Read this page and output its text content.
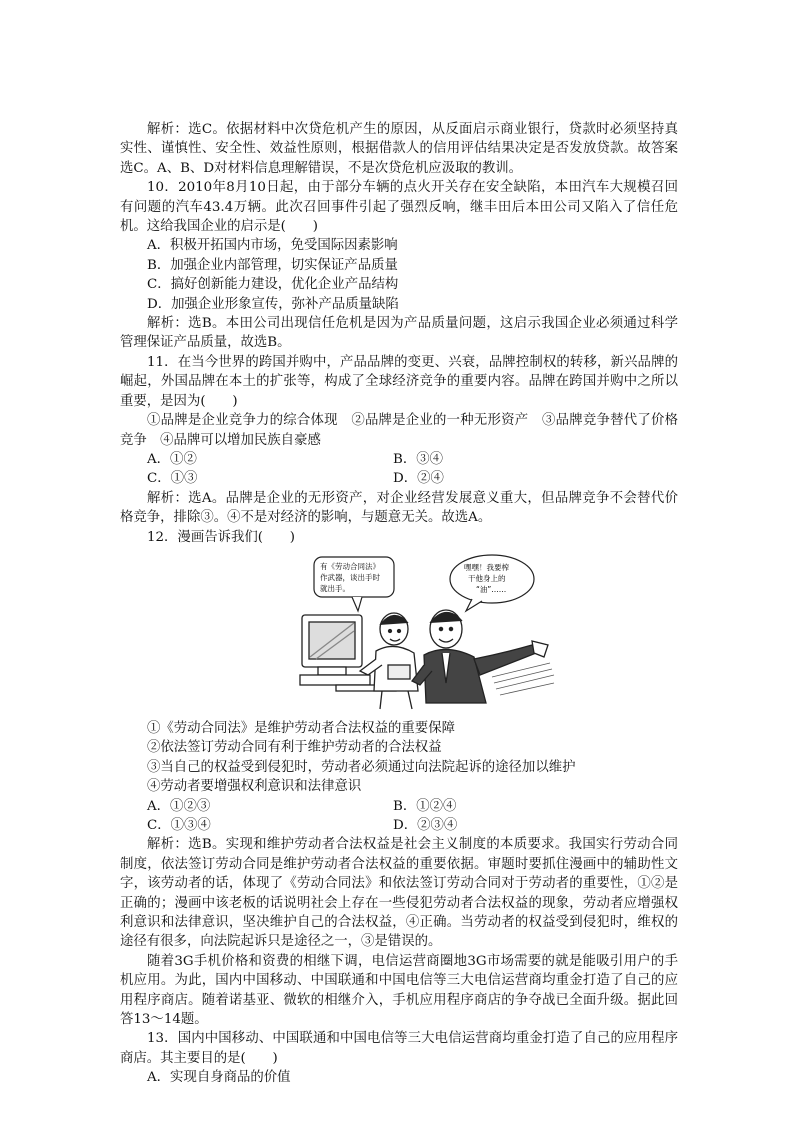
解析：选C。依据材料中次贷危机产生的原因，从反面启示商业银行，贷款时必须坚持真实性、谨慎性、安全性、效益性原则，根据借款人的信用评估结果决定是否发放贷款。故答案选C。A、B、D对材料信息理解错误，不是次贷危机应汲取的教训。

10．2010年8月10日起，由于部分车辆的点火开关存在安全缺陷，本田汽车大规模召回有问题的汽车43.4万辆。此次召回事件引起了强烈反响，继丰田后本田公司又陷入了信任危机。这给我国企业的启示是(　　)

A．积极开拓国内市场，免受国际因素影响

B．加强企业内部管理，切实保证产品质量

C．搞好创新能力建设，优化企业产品结构

D．加强企业形象宣传，弥补产品质量缺陷

解析：选B。本田公司出现信任危机是因为产品质量问题，这启示我国企业必须通过科学管理保证产品质量，故选B。

11．在当今世界的跨国并购中，产品品牌的变更、兴衰，品牌控制权的转移，新兴品牌的崛起，外国品牌在本土的扩张等，构成了全球经济竞争的重要内容。品牌在跨国并购中之所以重要，是因为(　　)

①品牌是企业竞争力的综合体现　②品牌是企业的一种无形资产　③品牌竞争替代了价格竞争　④品牌可以增加民族自豪感

A．①②	B．③④
C．①③	D．②④

解析：选A。品牌是企业的无形资产，对企业经营发展意义重大，但品牌竞争不会替代价格竞争，排除③。④不是对经济的影响，与题意无关。故选A。

12．漫画告诉我们(　　)

有《劳动合同法》
作武器，谈出手时
就出手。
嘿嘿！我要榨
干他身上的
“油”……

①《劳动合同法》是维护劳动者合法权益的重要保障

②依法签订劳动合同有利于维护劳动者的合法权益

③当自己的权益受到侵犯时，劳动者必须通过向法院起诉的途径加以维护

④劳动者要增强权利意识和法律意识

A．①②③	B．①②④
C．①③④	D．②③④

解析：选B。实现和维护劳动者合法权益是社会主义制度的本质要求。我国实行劳动合同制度，依法签订劳动合同是维护劳动者合法权益的重要依据。审题时要抓住漫画中的辅助性文字，该劳动者的话，体现了《劳动合同法》和依法签订劳动合同对于劳动者的重要性，①②是正确的；漫画中该老板的话说明社会上存在一些侵犯劳动者合法权益的现象，劳动者应增强权利意识和法律意识，坚决维护自己的合法权益，④正确。当劳动者的权益受到侵犯时，维权的途径有很多，向法院起诉只是途径之一，③是错误的。

随着3G手机价格和资费的相继下调，电信运营商圈地3G市场需要的就是能吸引用户的手机应用。为此，国内中国移动、中国联通和中国电信等三大电信运营商均重金打造了自己的应用程序商店。随着诺基亚、微软的相继介入，手机应用程序商店的争夺战已全面升级。据此回答13～14题。

13．国内中国移动、中国联通和中国电信等三大电信运营商均重金打造了自己的应用程序商店。其主要目的是(　　)

A．实现自身商品的价值
